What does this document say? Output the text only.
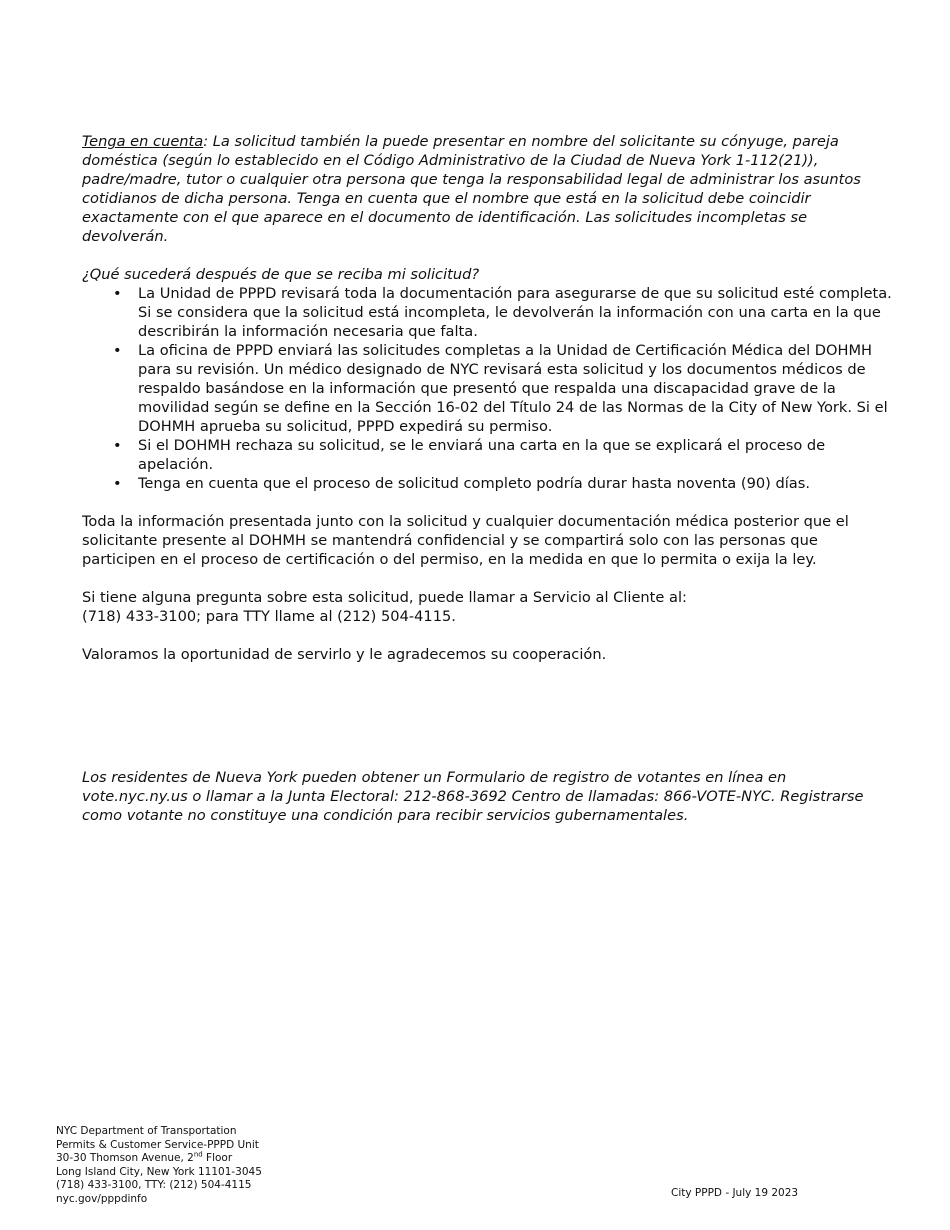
Tenga en cuenta: La solicitud también la puede presentar en nombre del solicitante su cónyuge, pareja doméstica (según lo establecido en el Código Administrativo de la Ciudad de Nueva York 1-112(21)), padre/madre, tutor o cualquier otra persona que tenga la responsabilidad legal de administrar los asuntos cotidianos de dicha persona. Tenga en cuenta que el nombre que está en la solicitud debe coincidir exactamente con el que aparece en el documento de identificación. Las solicitudes incompletas se devolverán.
¿Qué sucederá después de que se reciba mi solicitud?
• La Unidad de PPPD revisará toda la documentación para asegurarse de que su solicitud esté completa. Si se considera que la solicitud está incompleta, le devolverán la información con una carta en la que describirán la información necesaria que falta.
• La oficina de PPPD enviará las solicitudes completas a la Unidad de Certificación Médica del DOHMH para su revisión. Un médico designado de NYC revisará esta solicitud y los documentos médicos de respaldo basándose en la información que presentó que respalda una discapacidad grave de la movilidad según se define en la Sección 16-02 del Título 24 de las Normas de la City of New York. Si el DOHMH aprueba su solicitud, PPPD expedirá su permiso.
• Si el DOHMH rechaza su solicitud, se le enviará una carta en la que se explicará el proceso de apelación.
• Tenga en cuenta que el proceso de solicitud completo podría durar hasta noventa (90) días.

Toda la información presentada junto con la solicitud y cualquier documentación médica posterior que el solicitante presente al DOHMH se mantendrá confidencial y se compartirá solo con las personas que participen en el proceso de certificación o del permiso, en la medida en que lo permita o exija la ley.

Si tiene alguna pregunta sobre esta solicitud, puede llamar a Servicio al Cliente al:
(718) 433-3100; para TTY llame al (212) 504-4115.

Valoramos la oportunidad de servirlo y le agradecemos su cooperación.

Los residentes de Nueva York pueden obtener un Formulario de registro de votantes en línea en vote.nyc.ny.us o llamar a la Junta Electoral: 212-868-3692 Centro de llamadas: 866-VOTE-NYC. Registrarse como votante no constituye una condición para recibir servicios gubernamentales.
NYC Department of Transportation
Permits & Customer Service-PPPD Unit
30-30 Thomson Avenue, 2nd Floor
Long Island City, New York 11101-3045
(718) 433-3100, TTY: (212) 504-4115
nyc.gov/pppdinfo	City PPPD - July 19 2023
